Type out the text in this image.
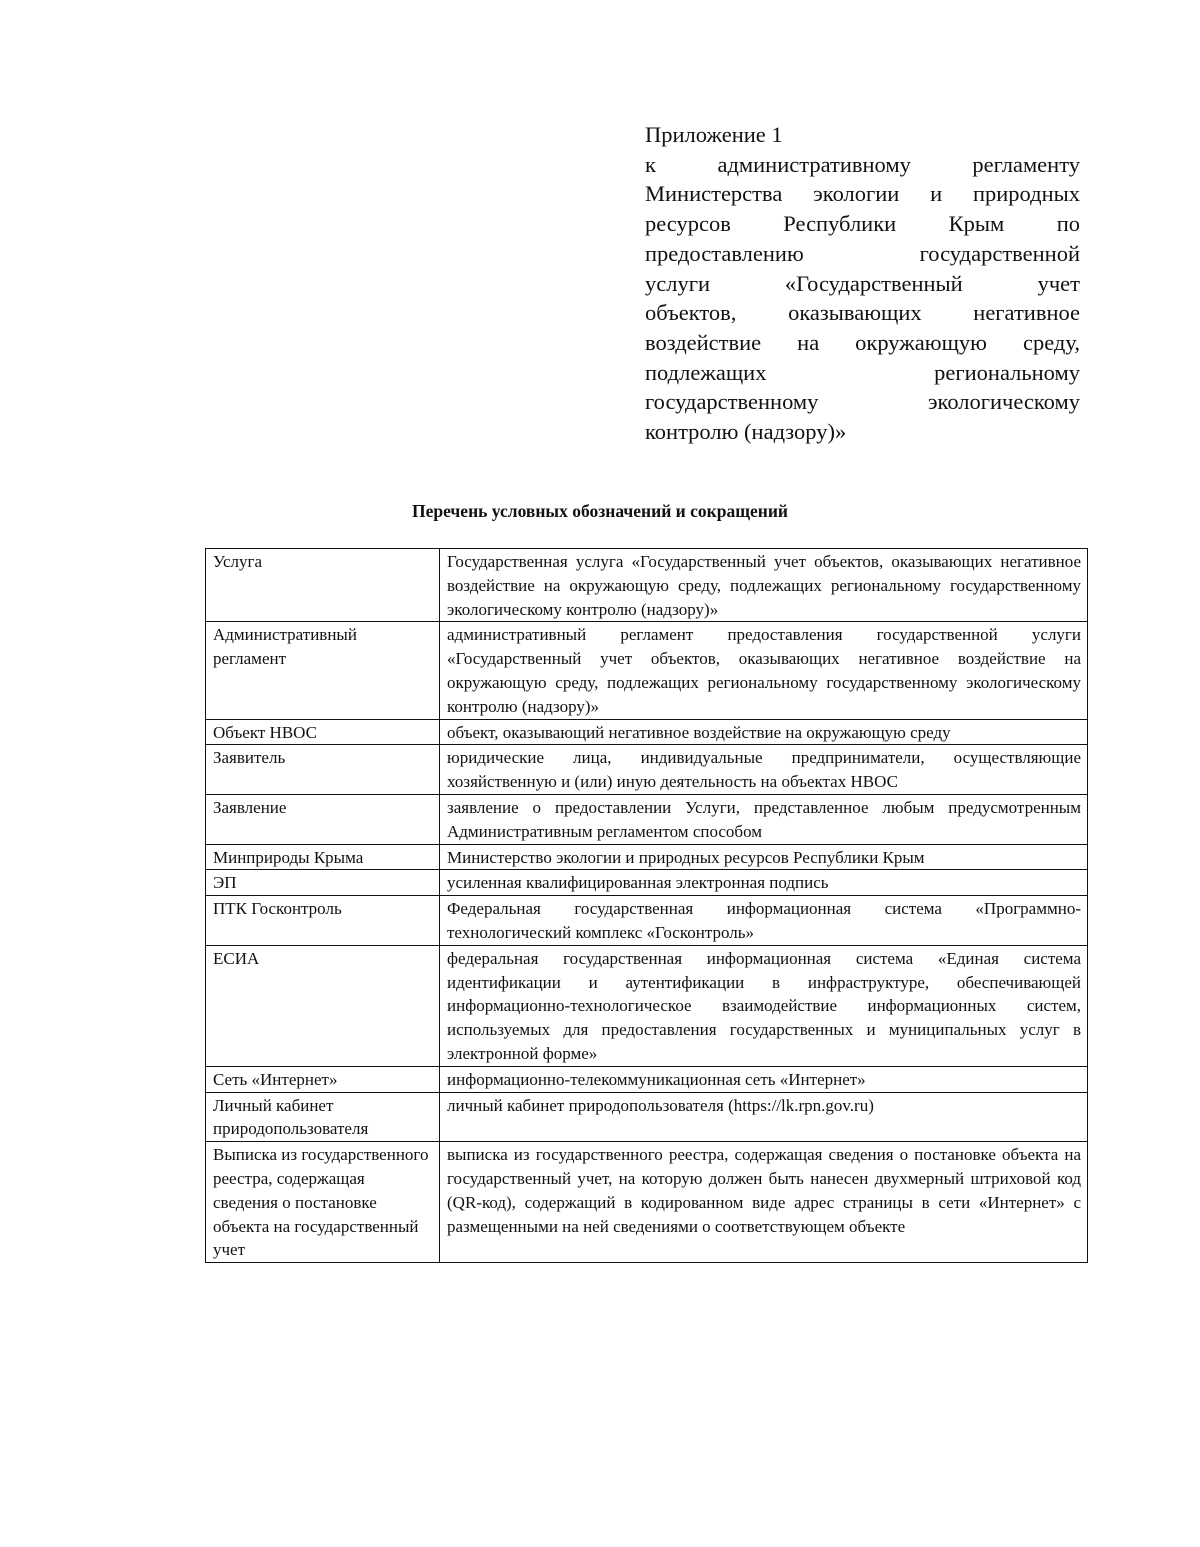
Приложение 1
к административному регламенту
Министерства экологии и природных
ресурсов Республики Крым по
предоставлению государственной
услуги «Государственный учет
объектов, оказывающих негативное
воздействие на окружающую среду,
подлежащих региональному
государственному экологическому
контролю (надзору)»
Перечень условных обозначений и сокращений
Услуга	Государственная услуга «Государственный учет объектов, оказывающих негативное воздействие на окружающую среду, подлежащих региональному государственному экологическому контролю (надзору)»
Административный регламент	административный регламент предоставления государственной услуги «Государственный учет объектов, оказывающих негативное воздействие на окружающую среду, подлежащих региональному государственному экологическому контролю (надзору)»
Объект НВОС	объект, оказывающий негативное воздействие на окружающую среду
Заявитель	юридические лица, индивидуальные предприниматели, осуществляющие хозяйственную и (или) иную деятельность на объектах НВОС
Заявление	заявление о предоставлении Услуги, представленное любым предусмотренным Административным регламентом способом
Минприроды Крыма	Министерство экологии и природных ресурсов Республики Крым
ЭП	усиленная квалифицированная электронная подпись
ПТК Госконтроль	Федеральная государственная информационная система «Программно-технологический комплекс «Госконтроль»
ЕСИА	федеральная государственная информационная система «Единая система идентификации и аутентификации в инфраструктуре, обеспечивающей информационно-технологическое взаимодействие информационных систем, используемых для предоставления государственных и муниципальных услуг в электронной форме»
Сеть «Интернет»	информационно-телекоммуникационная сеть «Интернет»
Личный кабинет природопользователя	личный кабинет природопользователя (https://lk.rpn.gov.ru)
Выписка из государственного реестра, содержащая сведения о постановке объекта на государственный учет	выписка из государственного реестра, содержащая сведения о постановке объекта на государственный учет, на которую должен быть нанесен двухмерный штриховой код (QR-код), содержащий в кодированном виде адрес страницы в сети «Интернет» с размещенными на ней сведениями о соответствующем объекте
